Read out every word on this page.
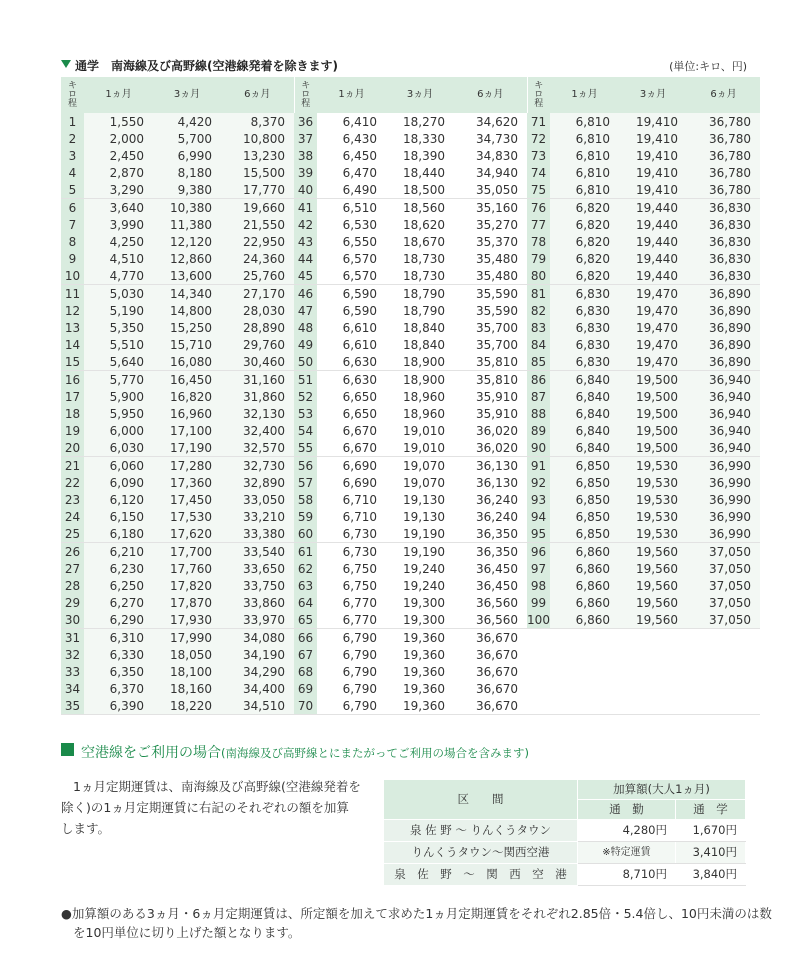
通学　南海線及び高野線(空港線発着を除きます)	(単位:キロ、円)
キ
ロ
程	1ヵ月	3ヵ月	6ヵ月	キ
ロ
程	1ヵ月	3ヵ月	6ヵ月	キ
ロ
程	1ヵ月	3ヵ月	6ヵ月
1	1,550	4,420	8,370	36	6,410	18,270	34,620	71	6,810	19,410	36,780
2	2,000	5,700	10,800	37	6,430	18,330	34,730	72	6,810	19,410	36,780
3	2,450	6,990	13,230	38	6,450	18,390	34,830	73	6,810	19,410	36,780
4	2,870	8,180	15,500	39	6,470	18,440	34,940	74	6,810	19,410	36,780
5	3,290	9,380	17,770	40	6,490	18,500	35,050	75	6,810	19,410	36,780
6	3,640	10,380	19,660	41	6,510	18,560	35,160	76	6,820	19,440	36,830
7	3,990	11,380	21,550	42	6,530	18,620	35,270	77	6,820	19,440	36,830
8	4,250	12,120	22,950	43	6,550	18,670	35,370	78	6,820	19,440	36,830
9	4,510	12,860	24,360	44	6,570	18,730	35,480	79	6,820	19,440	36,830
10	4,770	13,600	25,760	45	6,570	18,730	35,480	80	6,820	19,440	36,830
11	5,030	14,340	27,170	46	6,590	18,790	35,590	81	6,830	19,470	36,890
12	5,190	14,800	28,030	47	6,590	18,790	35,590	82	6,830	19,470	36,890
13	5,350	15,250	28,890	48	6,610	18,840	35,700	83	6,830	19,470	36,890
14	5,510	15,710	29,760	49	6,610	18,840	35,700	84	6,830	19,470	36,890
15	5,640	16,080	30,460	50	6,630	18,900	35,810	85	6,830	19,470	36,890
16	5,770	16,450	31,160	51	6,630	18,900	35,810	86	6,840	19,500	36,940
17	5,900	16,820	31,860	52	6,650	18,960	35,910	87	6,840	19,500	36,940
18	5,950	16,960	32,130	53	6,650	18,960	35,910	88	6,840	19,500	36,940
19	6,000	17,100	32,400	54	6,670	19,010	36,020	89	6,840	19,500	36,940
20	6,030	17,190	32,570	55	6,670	19,010	36,020	90	6,840	19,500	36,940
21	6,060	17,280	32,730	56	6,690	19,070	36,130	91	6,850	19,530	36,990
22	6,090	17,360	32,890	57	6,690	19,070	36,130	92	6,850	19,530	36,990
23	6,120	17,450	33,050	58	6,710	19,130	36,240	93	6,850	19,530	36,990
24	6,150	17,530	33,210	59	6,710	19,130	36,240	94	6,850	19,530	36,990
25	6,180	17,620	33,380	60	6,730	19,190	36,350	95	6,850	19,530	36,990
26	6,210	17,700	33,540	61	6,730	19,190	36,350	96	6,860	19,560	37,050
27	6,230	17,760	33,650	62	6,750	19,240	36,450	97	6,860	19,560	37,050
28	6,250	17,820	33,750	63	6,750	19,240	36,450	98	6,860	19,560	37,050
29	6,270	17,870	33,860	64	6,770	19,300	36,560	99	6,860	19,560	37,050
30	6,290	17,930	33,970	65	6,770	19,300	36,560	100	6,860	19,560	37,050
31	6,310	17,990	34,080	66	6,790	19,360	36,670				
32	6,330	18,050	34,190	67	6,790	19,360	36,670				
33	6,350	18,100	34,290	68	6,790	19,360	36,670				
34	6,370	18,160	34,400	69	6,790	19,360	36,670				
35	6,390	18,220	34,510	70	6,790	19,360	36,670				
空港線をご利用の場合(南海線及び高野線とにまたがってご利用の場合を含みます)
1ヵ月定期運賃は、南海線及び高野線(空港線発着を除く)の1ヵ月定期運賃に右記のそれぞれの額を加算します。
区　　間	加算額(大人1ヵ月)	
	通　勤	通　学
泉 佐 野 〜 りんくうタウン	4,280円	1,670円
りんくうタウン〜関西空港	※特定運賃	3,410円
泉　佐　野　〜　関　西　空　港	8,710円	3,840円
●加算額のある3ヵ月・6ヵ月定期運賃は、所定額を加えて求めた1ヵ月定期運賃をそれぞれ2.85倍・5.4倍し、10円未満のは数を10円単位に切り上げた額となります。
